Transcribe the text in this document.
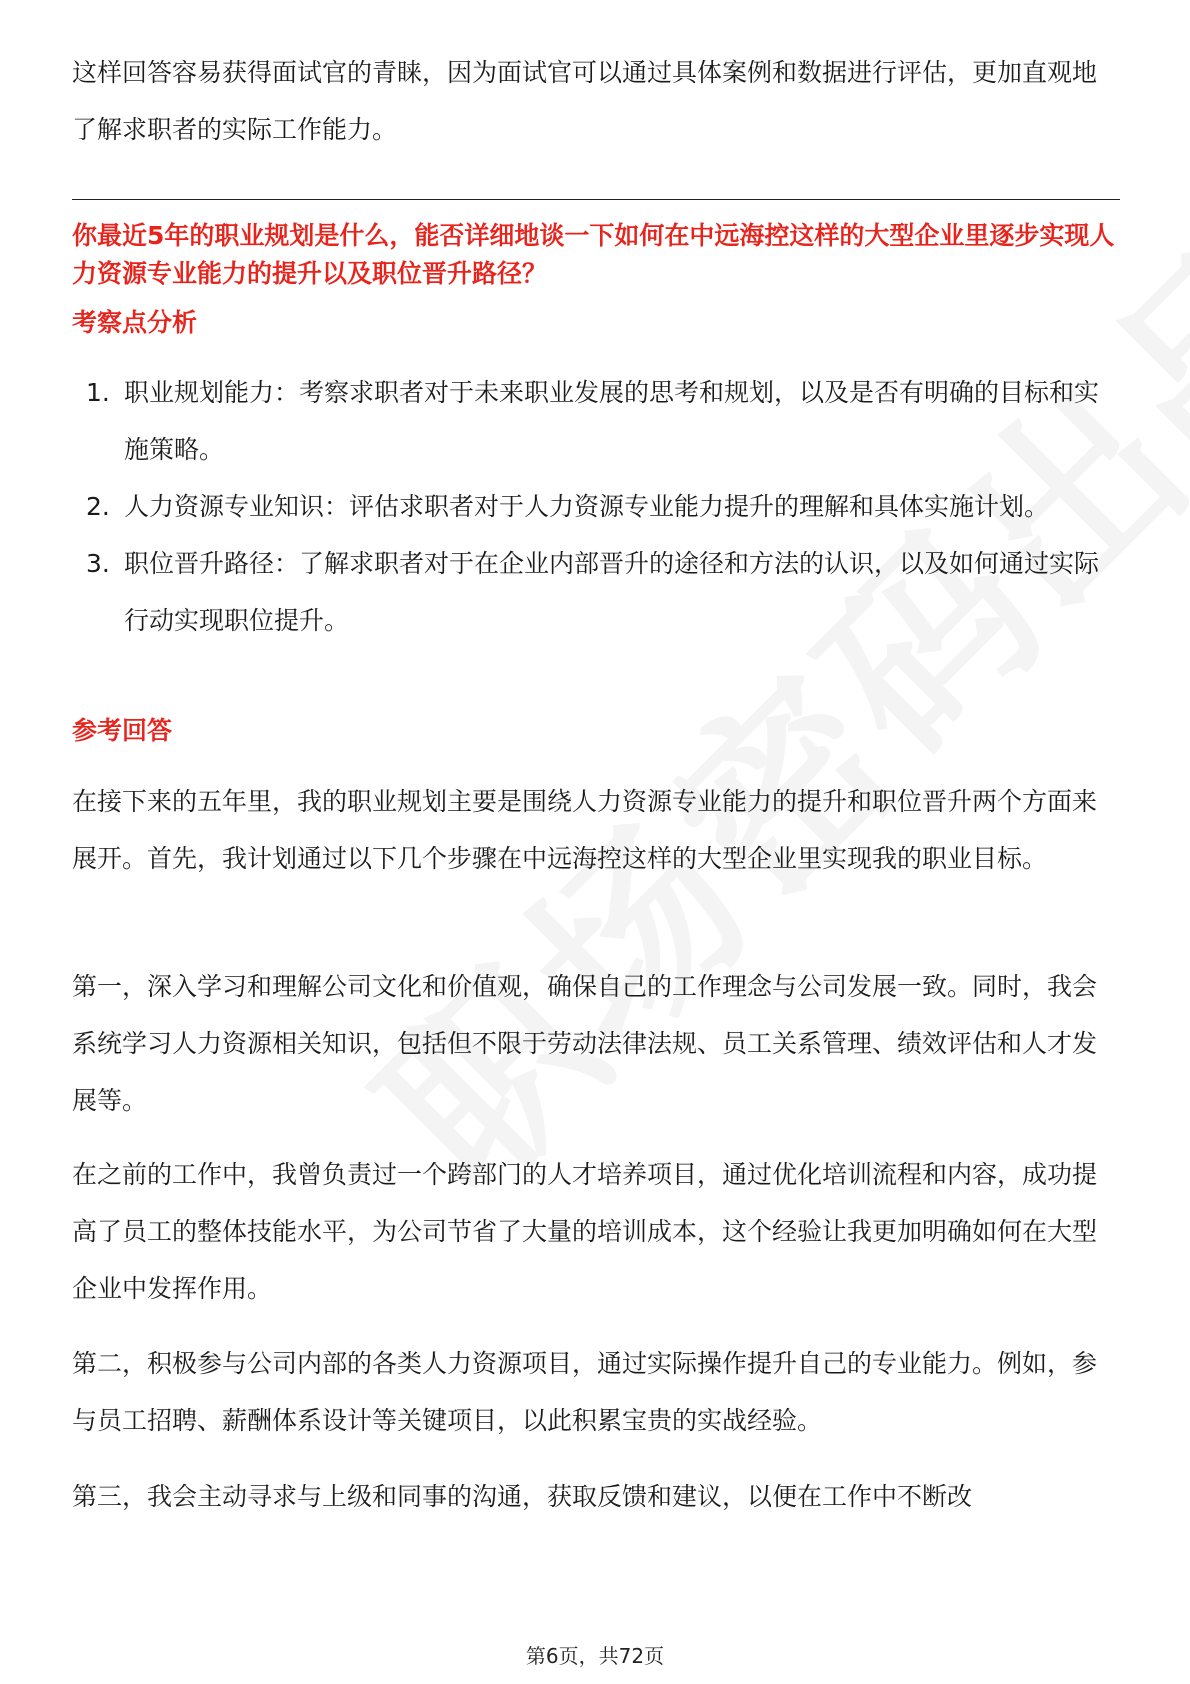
这样回答容易获得面试官的青睐，因为面试官可以通过具体案例和数据进行评估，更加直观地了解求职者的实际工作能力。

你最近5年的职业规划是什么，能否详细地谈一下如何在中远海控这样的大型企业里逐步实现人力资源专业能力的提升以及职位晋升路径？

考察点分析

1. 职业规划能力：考察求职者对于未来职业发展的思考和规划，以及是否有明确的目标和实施策略。
2. 人力资源专业知识：评估求职者对于人力资源专业能力提升的理解和具体实施计划。
3. 职位晋升路径：了解求职者对于在企业内部晋升的途径和方法的认识，以及如何通过实际行动实现职位提升。

参考回答

在接下来的五年里，我的职业规划主要是围绕人力资源专业能力的提升和职位晋升两个方面来展开。首先，我计划通过以下几个步骤在中远海控这样的大型企业里实现我的职业目标。

第一，深入学习和理解公司文化和价值观，确保自己的工作理念与公司发展一致。同时，我会系统学习人力资源相关知识，包括但不限于劳动法律法规、员工关系管理、绩效评估和人才发展等。

在之前的工作中，我曾负责过一个跨部门的人才培养项目，通过优化培训流程和内容，成功提高了员工的整体技能水平，为公司节省了大量的培训成本，这个经验让我更加明确如何在大型企业中发挥作用。

第二，积极参与公司内部的各类人力资源项目，通过实际操作提升自己的专业能力。例如，参与员工招聘、薪酬体系设计等关键项目，以此积累宝贵的实战经验。

第三，我会主动寻求与上级和同事的沟通，获取反馈和建议，以便在工作中不断改

第6页，共72页
